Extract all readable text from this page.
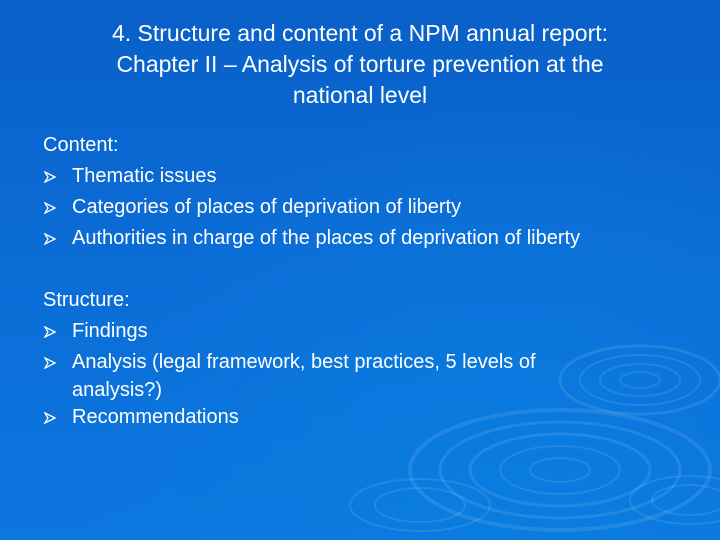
4. Structure and content of a NPM annual report:
Chapter II – Analysis of torture prevention at the
national level
Content:
Thematic issues
Categories of places of deprivation of liberty
Authorities in charge of the places of deprivation of liberty
Structure:
Findings
Analysis (legal framework, best practices, 5 levels of
analysis?)
Recommendations
